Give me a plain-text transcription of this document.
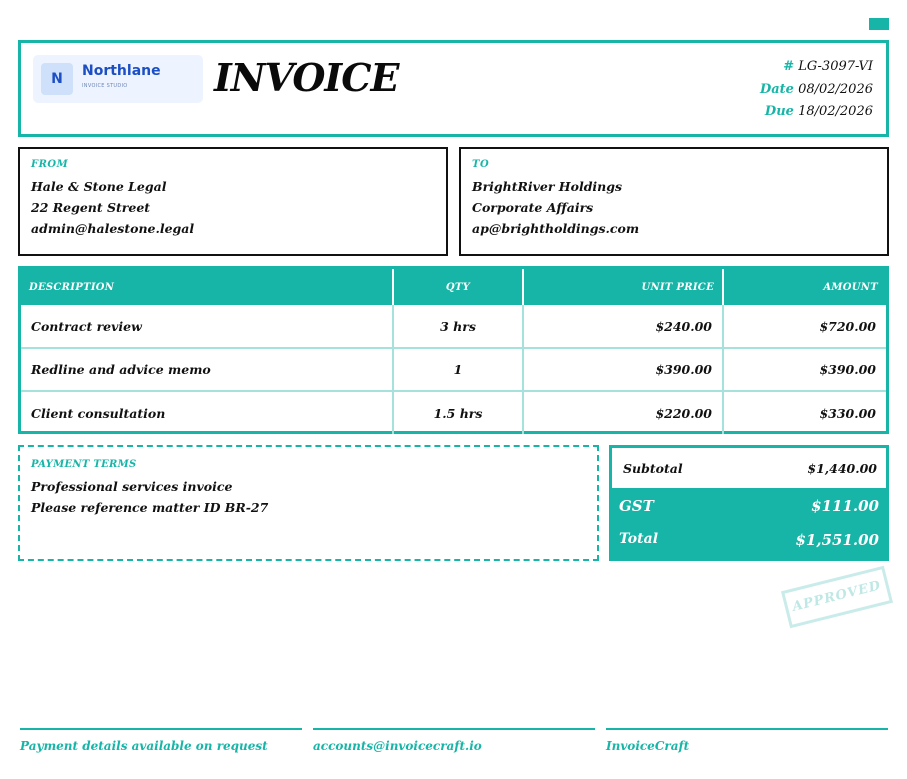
N	Northlane
INVOICE STUDIO INVOICE	# LG-3097-VI
Date 08/02/2026
Due 18/02/2026
FROM
Hale & Stone Legal
22 Regent Street
admin@halestone.legal
TO
BrightRiver Holdings
Corporate Affairs
ap@brightholdings.com
DESCRIPTION	QTY	UNIT PRICE	AMOUNT
Contract review	3 hrs	$240.00	$720.00
Redline and advice memo	1	$390.00	$390.00
Client consultation	1.5 hrs	$220.00	$330.00
PAYMENT TERMS
Professional services invoice
Please reference matter ID BR-27
Subtotal	$1,440.00
GST	$111.00
Total	$1,551.00
APPROVED
Payment details available on request	accounts@invoicecraft.io	InvoiceCraft
